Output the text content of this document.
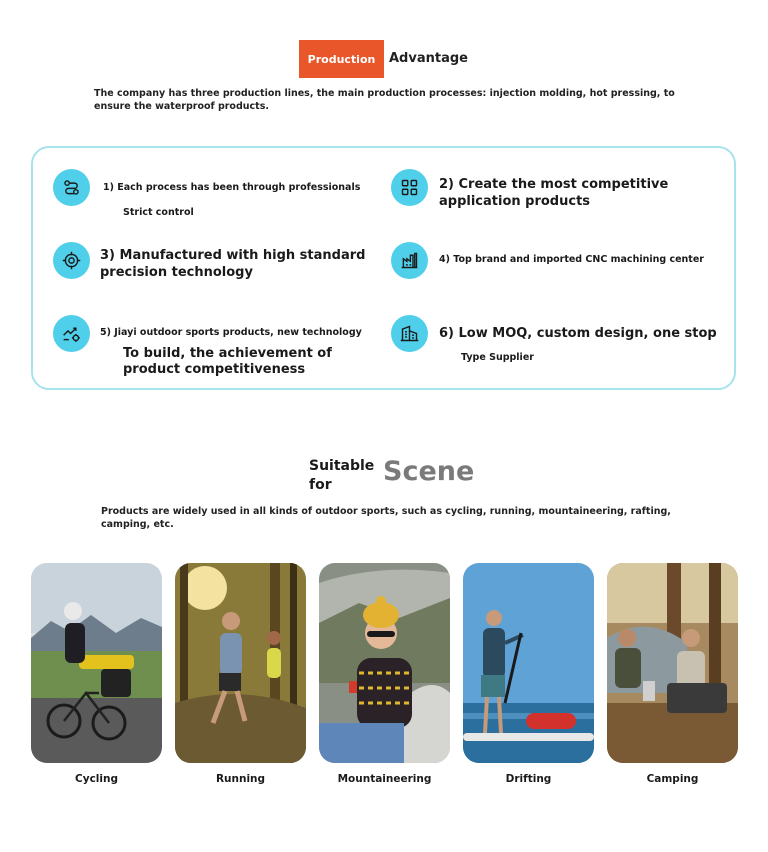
Production	Advantage
The company has three production lines, the main production processes: injection molding, hot pressing, to ensure the waterproof products.
1) Each process has been through professionals
Strict control
2) Create the most competitive
application products
3) Manufactured with high standard
precision technology
4) Top brand and imported CNC machining center
5) Jiayi outdoor sports products, new technology
To build, the achievement of
product competitiveness
6) Low MOQ, custom design, one stop
Type Supplier
Suitable
for	Scene
Products are widely used in all kinds of outdoor sports, such as cycling, running, mountaineering, rafting, camping, etc.
Cycling	Running	Mountaineering	Drifting	Camping
